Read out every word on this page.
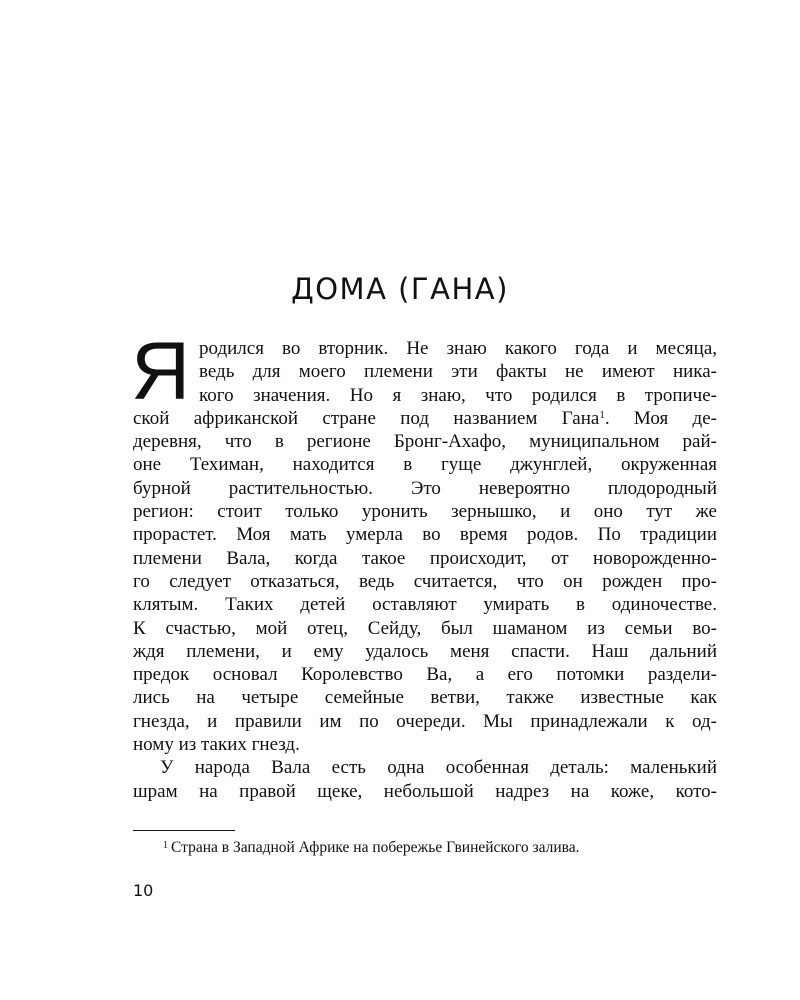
ДОМА (ГАНА)
Я родился во вторник. Не знаю какого года и месяца,
ведь для моего племени эти факты не имеют ника-
кого значения. Но я знаю, что родился в тропиче-
ской африканской стране под названием Гана$^1$. Моя де-
деревня, что в регионе Бронг-Ахафо, муниципальном рай-
оне Техиман, находится в гуще джунглей, окруженная
бурной растительностью. Это невероятно плодородный
регион: стоит только уронить зернышко, и оно тут же
прорастет. Моя мать умерла во время родов. По традиции
племени Вала, когда такое происходит, от новорожденно-
го следует отказаться, ведь считается, что он рожден про-
клятым. Таких детей оставляют умирать в одиночестве.
К счастью, мой отец, Сейду, был шаманом из семьи во-
ждя племени, и ему удалось меня спасти. Наш дальний
предок основал Королевство Ва, а его потомки раздели-
лись на четыре семейные ветви, также известные как
гнезда, и правили им по очереди. Мы принадлежали к од-
ному из таких гнезд.
У народа Вала есть одна особенная деталь: маленький
шрам на правой щеке, небольшой надрез на коже, кото-
$^1$ Страна в Западной Африке на побережье Гвинейского залива.
10
